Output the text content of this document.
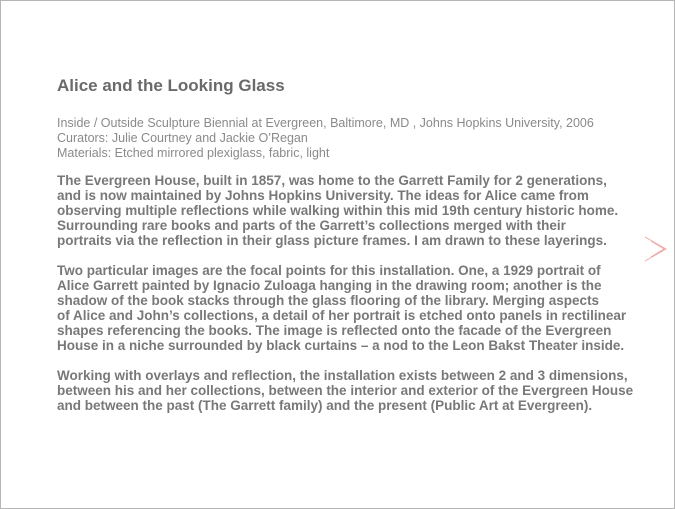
Alice and the Looking Glass
Inside / Outside Sculpture Biennial at Evergreen, Baltimore, MD , Johns Hopkins University, 2006
Curators: Julie Courtney and Jackie O’Regan
Materials: Etched mirrored plexiglass, fabric, light

The Evergreen House, built in 1857, was home to the Garrett Family for 2 generations,
and is now maintained by Johns Hopkins University. The ideas for Alice came from
observing multiple reflections while walking within this mid 19th century historic home.
Surrounding rare books and parts of the Garrett’s collections merged with their
portraits via the reflection in their glass picture frames. I am drawn to these layerings.

Two particular images are the focal points for this installation. One, a 1929 portrait of
Alice Garrett painted by Ignacio Zuloaga hanging in the drawing room; another is the
shadow of the book stacks through the glass flooring of the library. Merging aspects
of Alice and John’s collections, a detail of her portrait is etched onto panels in rectilinear
shapes referencing the books. The image is reflected onto the facade of the Evergreen
House in a niche surrounded by black curtains – a nod to the Leon Bakst Theater inside.

Working with overlays and reflection, the installation exists between 2 and 3 dimensions,
between his and her collections, between the interior and exterior of the Evergreen House
and between the past (The Garrett family) and the present (Public Art at Evergreen).
